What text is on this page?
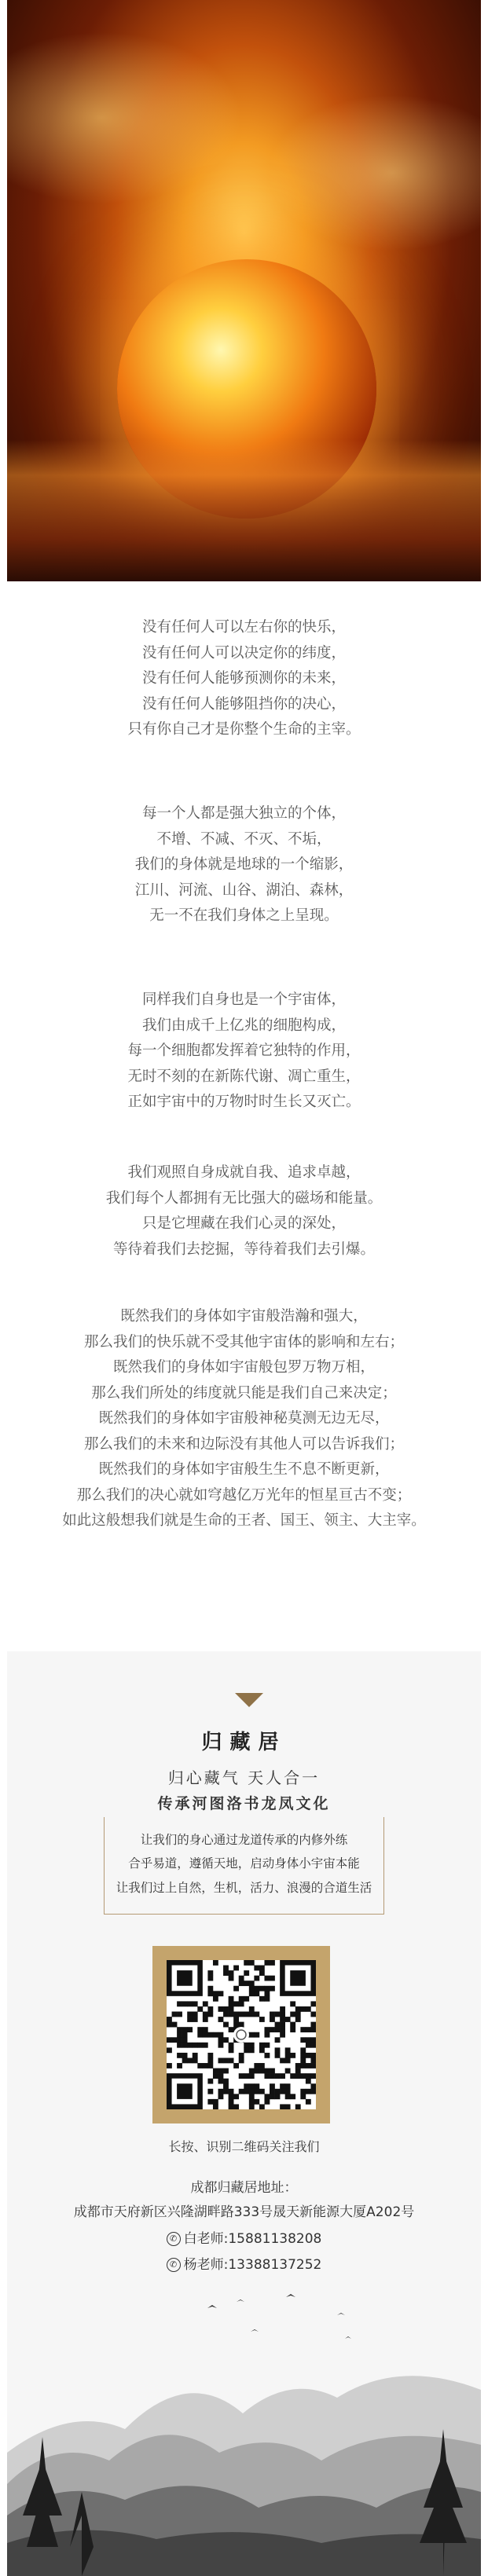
没有任何人可以左右你的快乐，
没有任何人可以决定你的纬度，
没有任何人能够预测你的未来，
没有任何人能够阻挡你的决心，
只有你自己才是你整个生命的主宰。
每一个人都是强大独立的个体，
不增、不减、不灭、不垢，
我们的身体就是地球的一个缩影，
江川、河流、山谷、湖泊、森林，
无一不在我们身体之上呈现。
同样我们自身也是一个宇宙体，
我们由成千上亿兆的细胞构成，
每一个细胞都发挥着它独特的作用，
无时不刻的在新陈代谢、凋亡重生，
正如宇宙中的万物时时生长又灭亡。
我们观照自身成就自我、追求卓越，
我们每个人都拥有无比强大的磁场和能量。
只是它埋藏在我们心灵的深处，
等待着我们去挖掘，等待着我们去引爆。
既然我们的身体如宇宙般浩瀚和强大，
那么我们的快乐就不受其他宇宙体的影响和左右；
既然我们的身体如宇宙般包罗万物万相，
那么我们所处的纬度就只能是我们自己来决定；
既然我们的身体如宇宙般神秘莫测无边无尽，
那么我们的未来和边际没有其他人可以告诉我们；
既然我们的身体如宇宙般生生不息不断更新，
那么我们的决心就如穹越亿万光年的恒星亘古不变；
如此这般想我们就是生命的王者、国王、领主、大主宰。
归藏居
归心藏气 天人合一
传承河图洛书龙凤文化
让我们的身心通过龙道传承的内修外练
合乎易道，遵循天地，启动身体小宇宙本能
让我们过上自然，生机，活力、浪漫的合道生活
长按、识别二维码关注我们
成都归藏居地址：
成都市天府新区兴隆湖畔路333号晟天新能源大厦A202号
✆ 白老师:15881138208
✆ 杨老师:13388137252
